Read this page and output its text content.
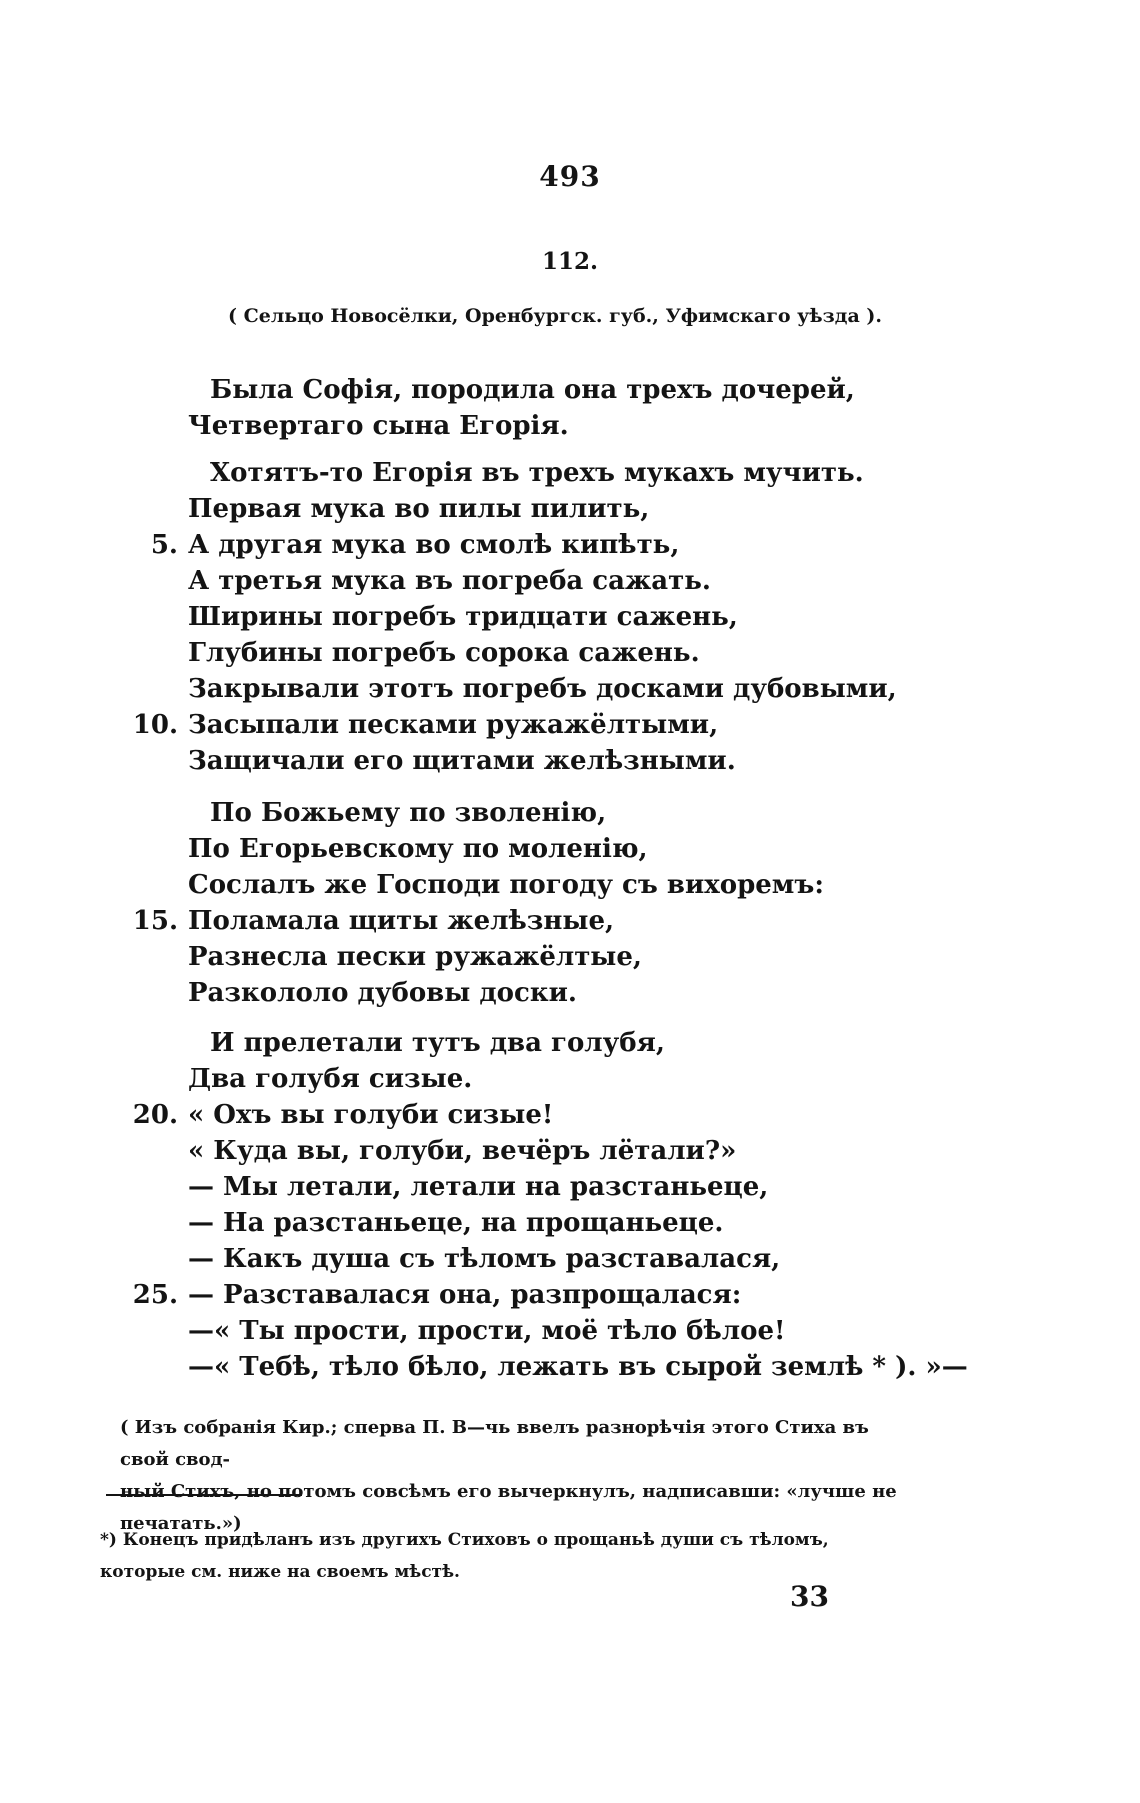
493
112.
( Сельцо Новосёлки, Оренбургск. губ., Уфимскаго уѣзда ).
Была Софія, породила она трехъ дочерей,
Четвертаго сына Егорія.
Хотятъ-то Егорія въ трехъ мукахъ мучить.
Первая мука во пилы пилить,
5. А другая мука во смолѣ кипѣть,
А третья мука въ погреба сажать.
Ширины погребъ тридцати сажень,
Глубины погребъ сорока сажень.
Закрывали этотъ погребъ досками дубовыми,
10. Засыпали песками ружажёлтыми,
Защичали его щитами желѣзными.
По Божьему по зволенію,
По Егорьевскому по моленію,
Сослалъ же Господи погоду съ вихоремъ:
15. Поламала щиты желѣзные,
Разнесла пески ружажёлтые,
Разкололо дубовы доски.
И прелетали тутъ два голубя,
Два голубя сизые.
20. « Охъ вы голуби сизые!
« Куда вы, голуби, вечёръ лётали?»
— Мы летали, летали на разстаньеце,
— На разстаньеце, на прощаньеце.
— Какъ душа съ тѣломъ разставалася,
25. — Разставалася она, разпрощалася:
—« Ты прости, прости, моё тѣло бѣлое!
—« Тебѣ, тѣло бѣло, лежать въ сырой землѣ * ). »—
( Изъ собранія Кир.; сперва П. В—чь ввелъ разнорѣчія этого Стиха въ свой свод-
ный Стихъ, но потомъ совсѣмъ его вычеркнулъ, надписавши: «лучше не печатать.»)
*) Конецъ придѣланъ изъ другихъ Стиховъ о прощаньѣ души съ тѣломъ,
которые см. ниже на своемъ мѣстѣ.
33
